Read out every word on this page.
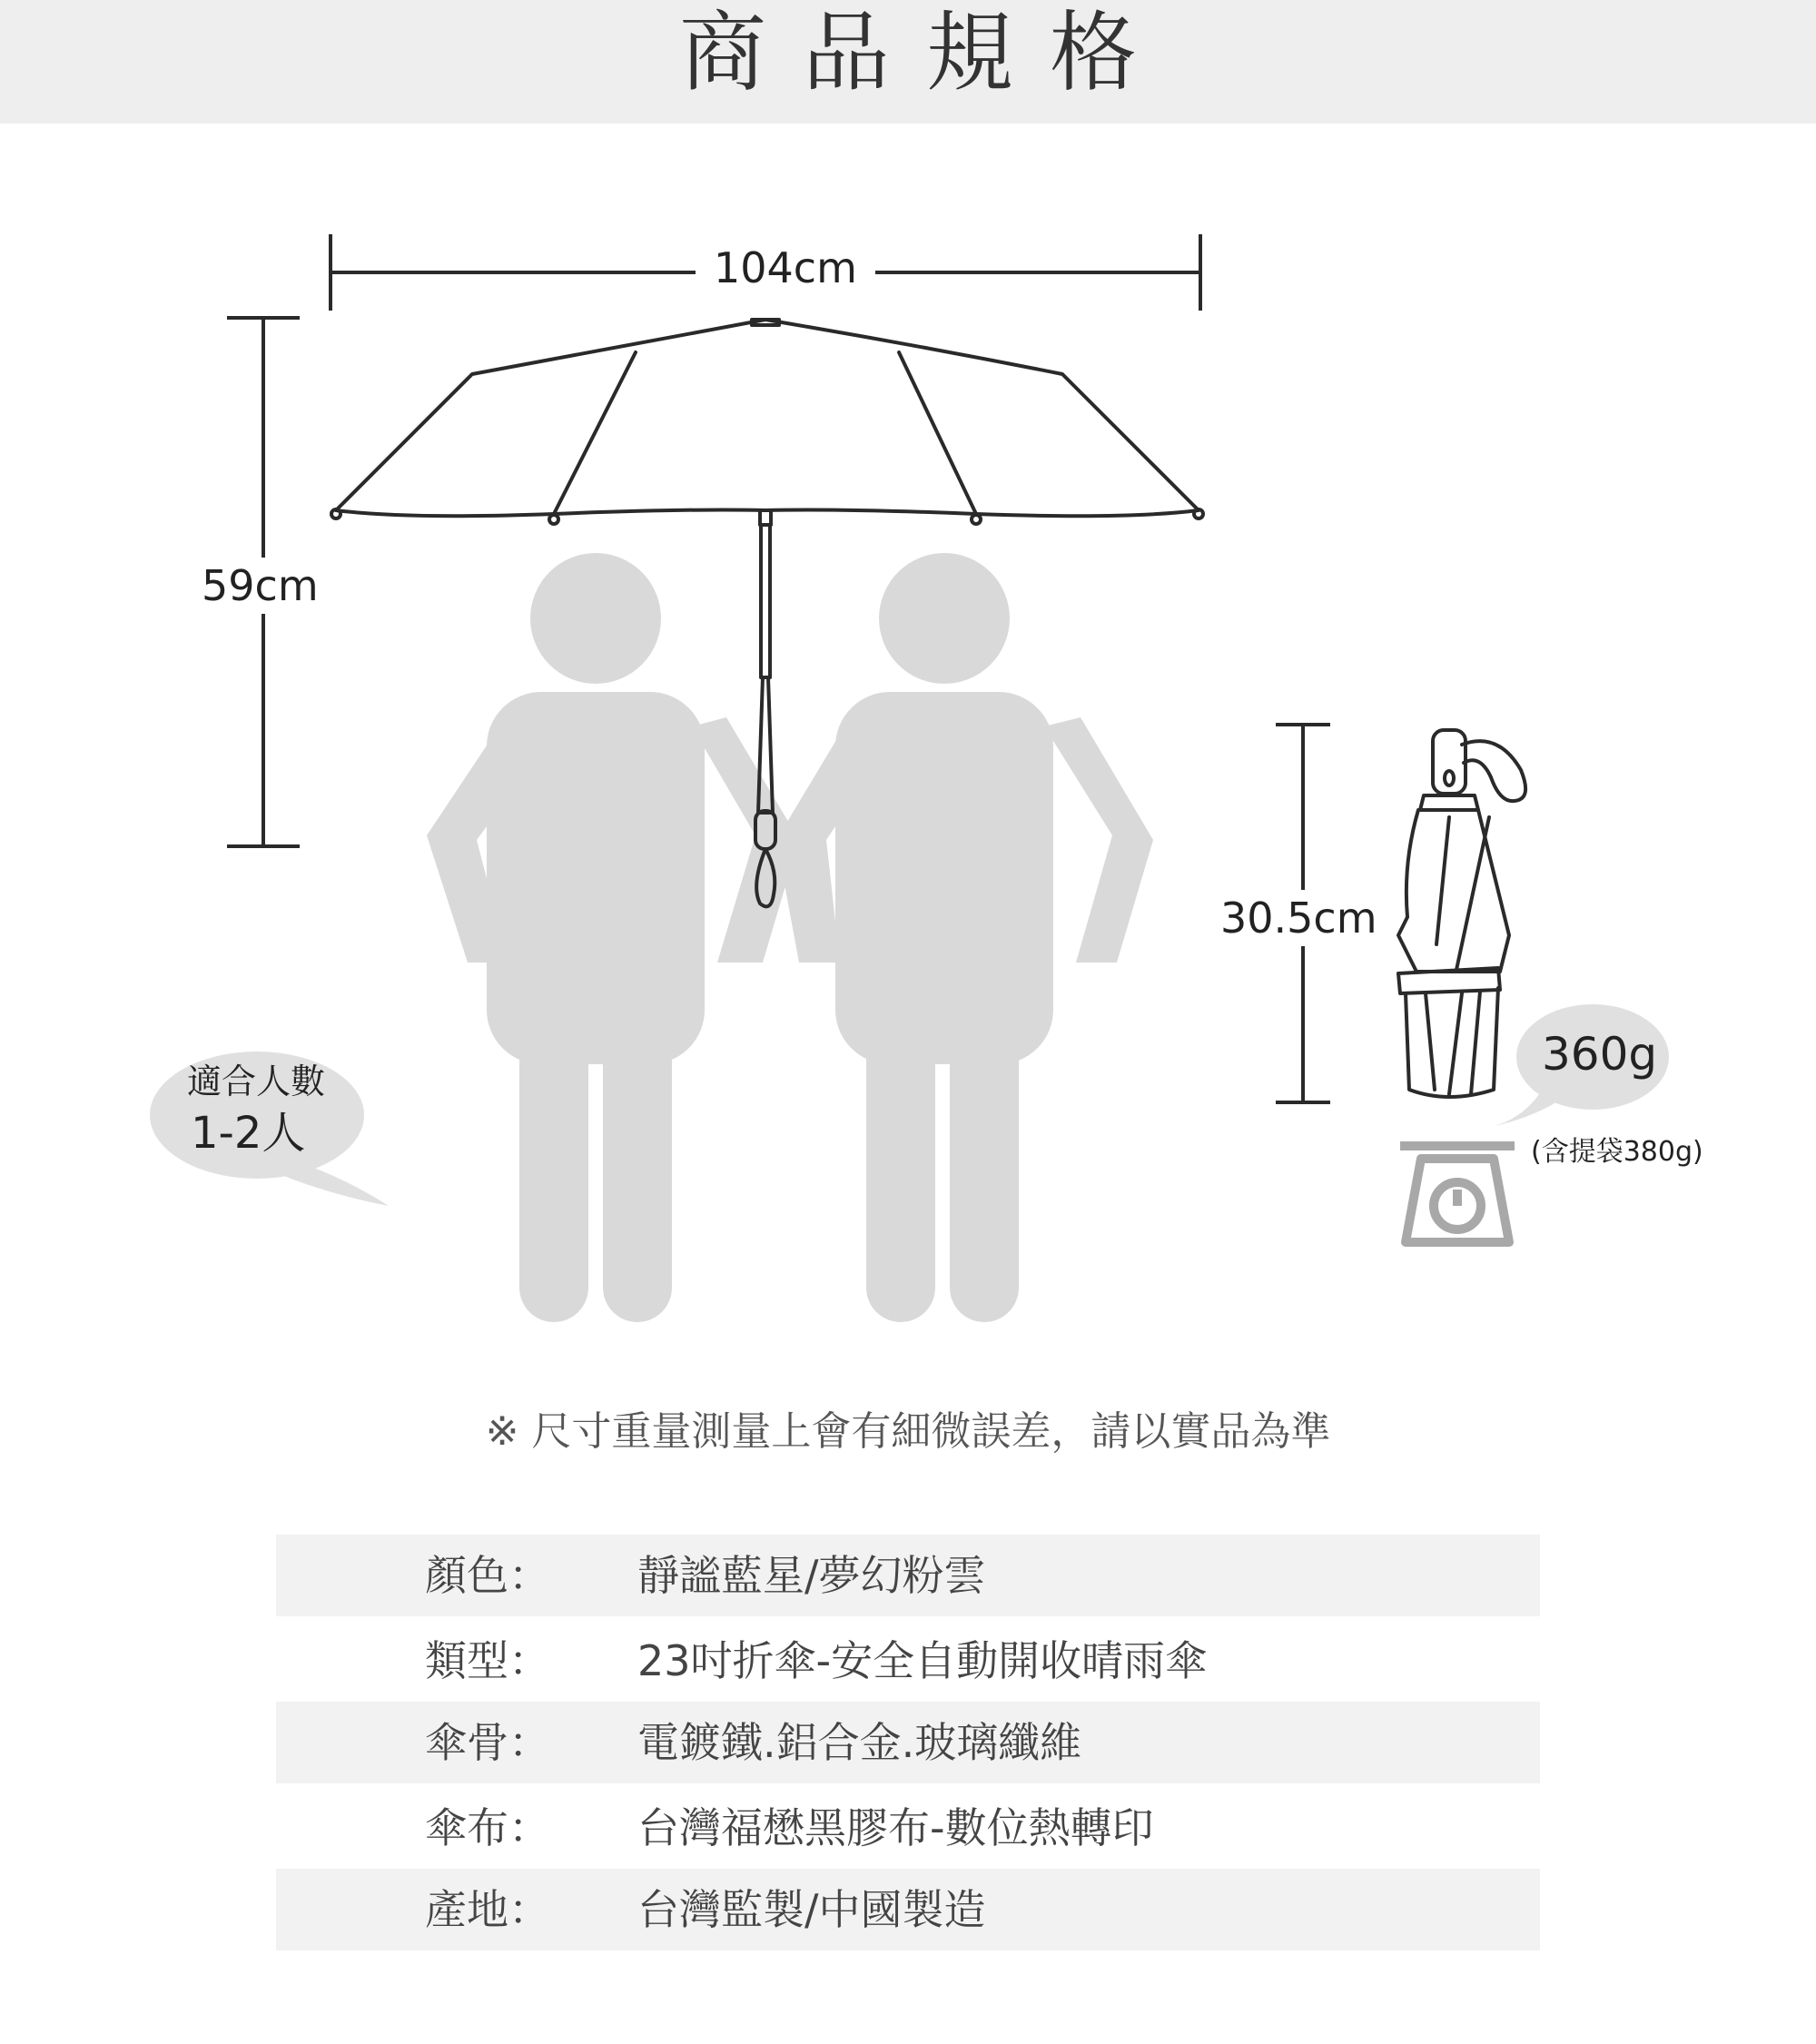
商品規格
104cm
59cm
30.5cm
適合人數
1-2人
360g
(含提袋380g)
※ 尺寸重量測量上會有細微誤差，請以實品為準
顏色： 靜謐藍星/夢幻粉雲
類型： 23吋折傘-安全自動開收晴雨傘
傘骨： 電鍍鐵.鋁合金.玻璃纖維
傘布： 台灣福懋黑膠布-數位熱轉印
產地： 台灣監製/中國製造
